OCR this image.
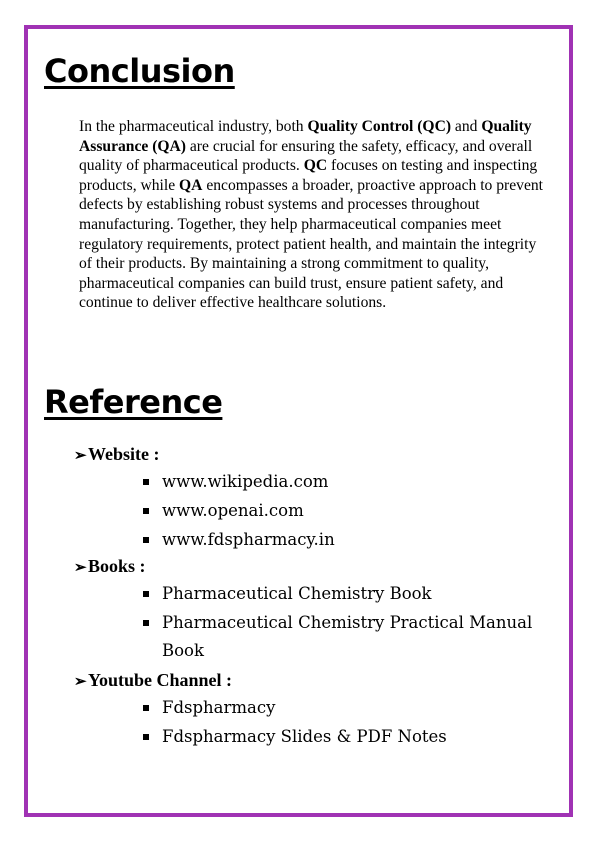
Conclusion

In the pharmaceutical industry, both Quality Control (QC) and Quality Assurance (QA) are crucial for ensuring the safety, efficacy, and overall quality of pharmaceutical products. QC focuses on testing and inspecting products, while QA encompasses a broader, proactive approach to prevent defects by establishing robust systems and processes throughout manufacturing. Together, they help pharmaceutical companies meet regulatory requirements, protect patient health, and maintain the integrity of their products. By maintaining a strong commitment to quality, pharmaceutical companies can build trust, ensure patient safety, and continue to deliver effective healthcare solutions.

Reference
➢Website :
www.wikipedia.com
www.openai.com
www.fdspharmacy.in
➢Books :
Pharmaceutical Chemistry Book
Pharmaceutical Chemistry Practical Manual Book
➢Youtube Channel :
Fdspharmacy
Fdspharmacy Slides & PDF Notes
